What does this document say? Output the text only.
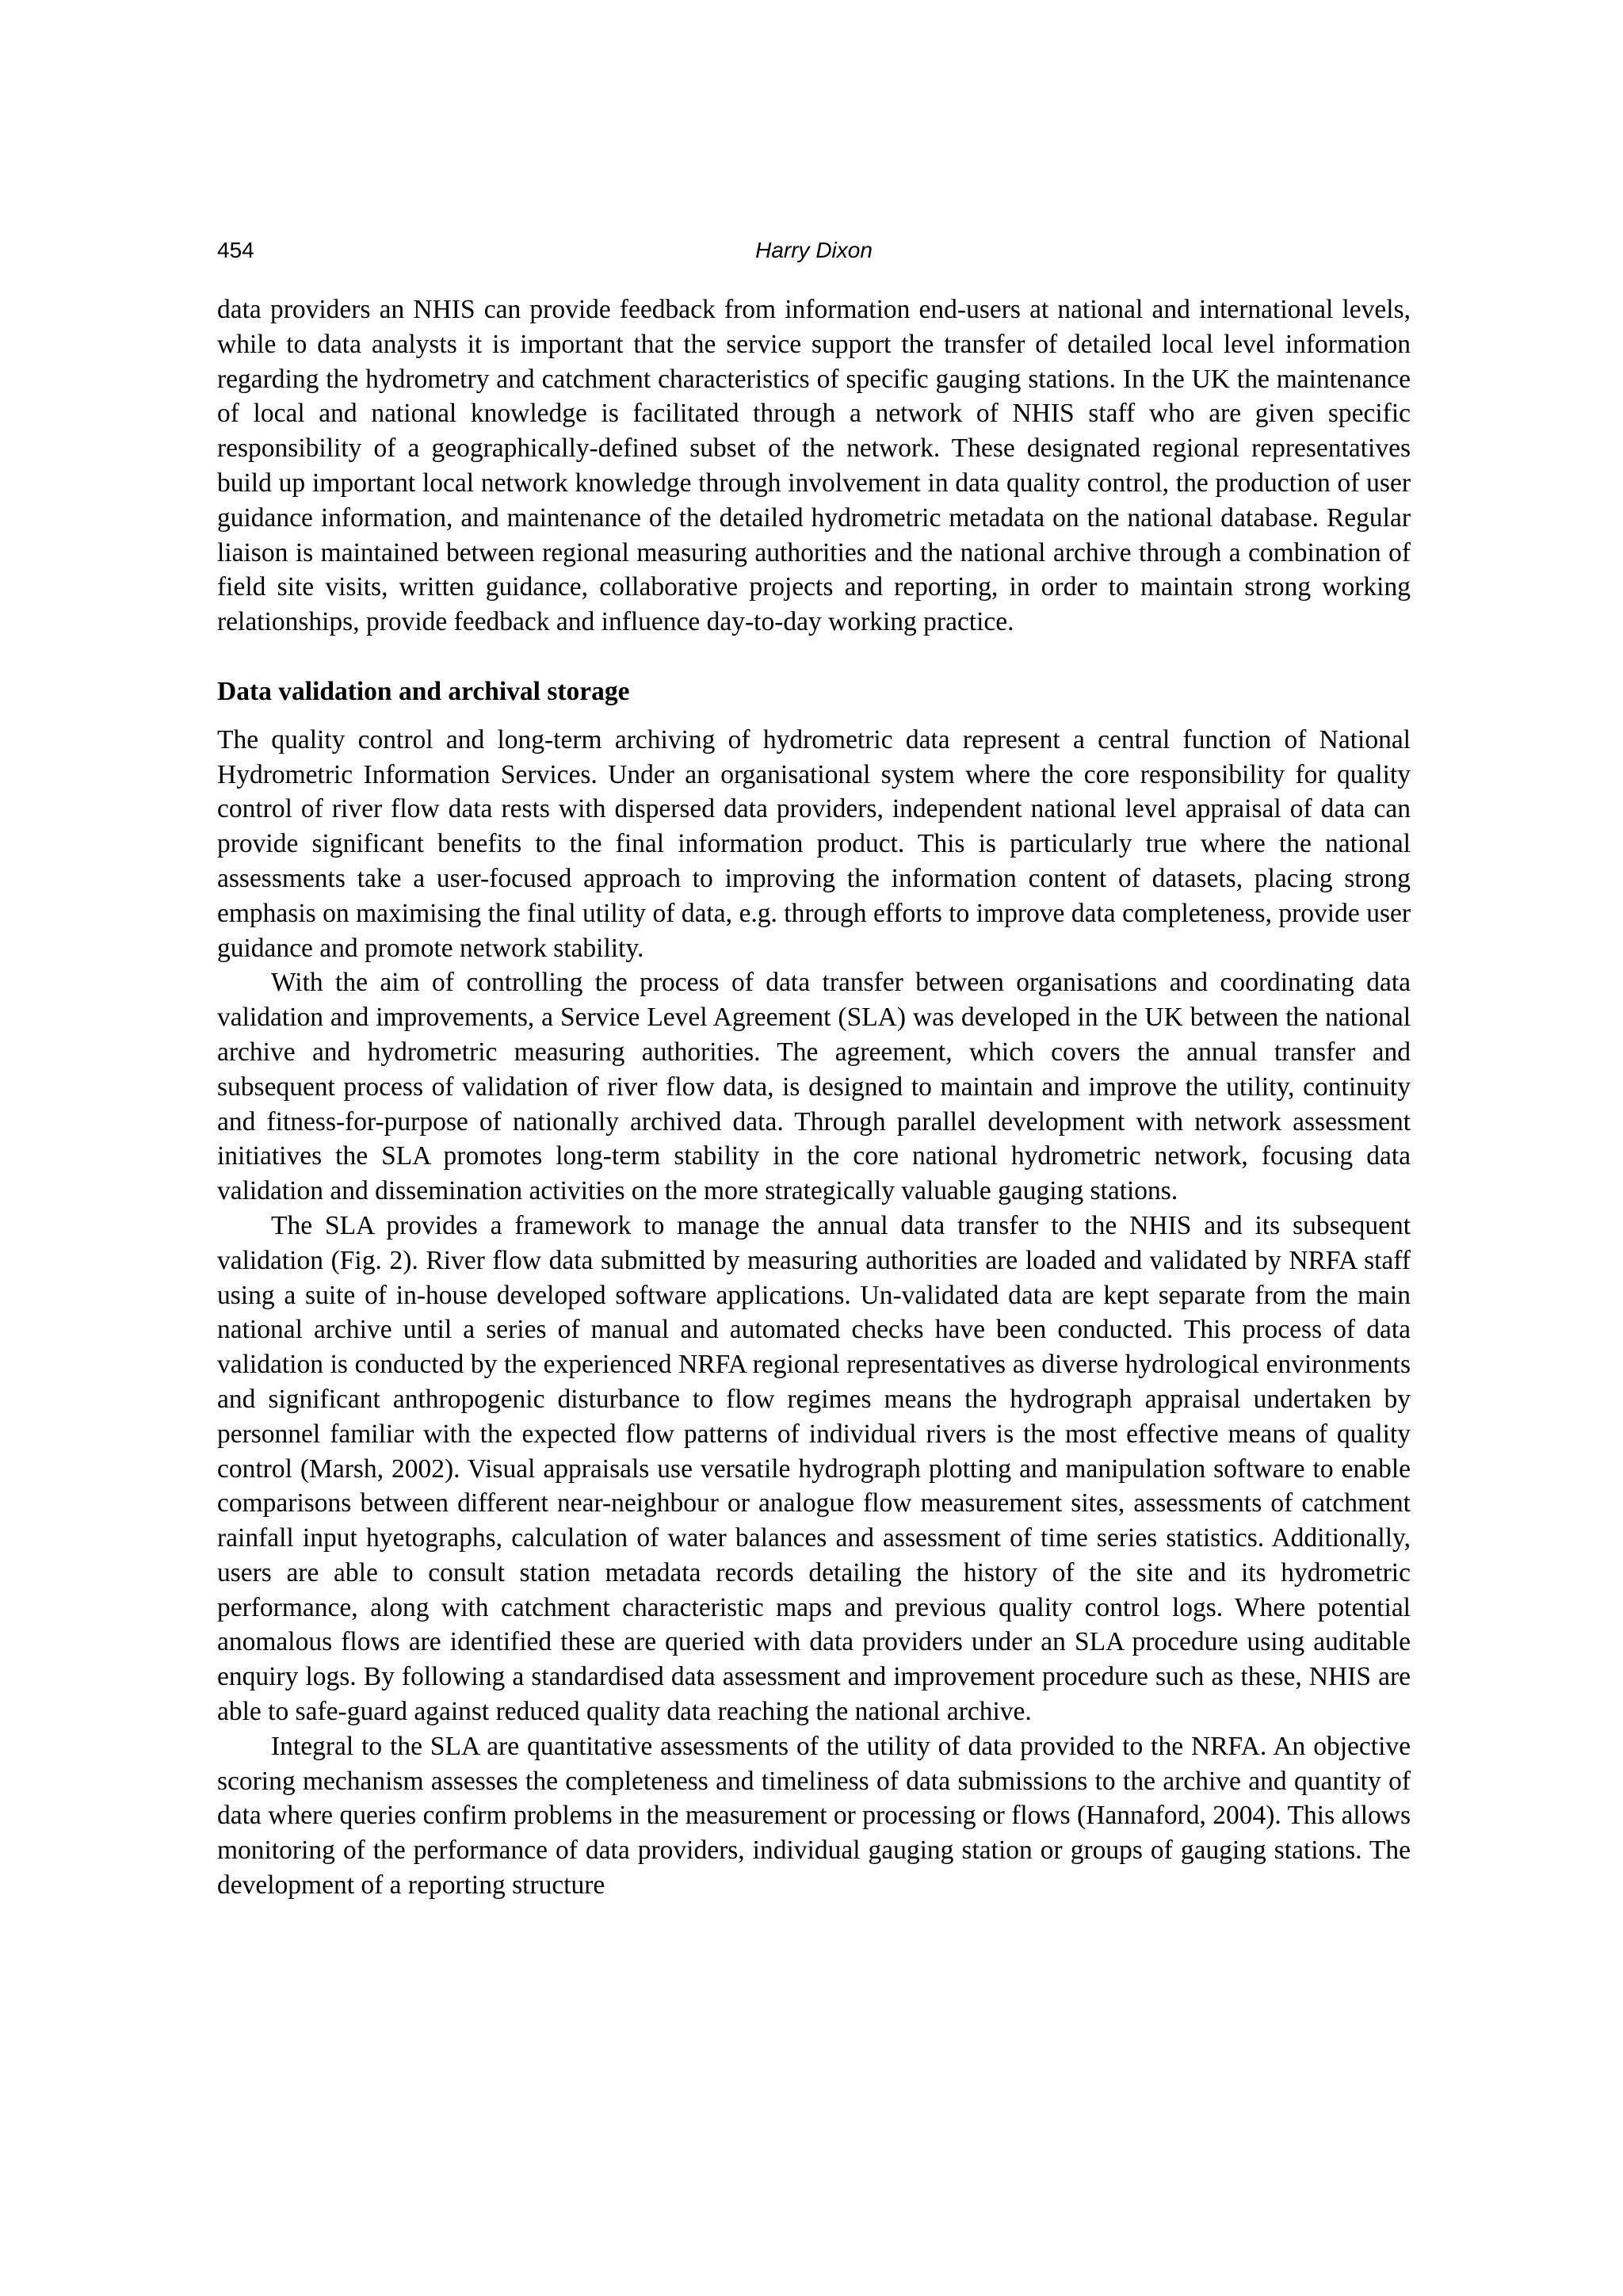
454	Harry Dixon

data providers an NHIS can provide feedback from information end-users at national and international levels, while to data analysts it is important that the service support the transfer of detailed local level information regarding the hydrometry and catchment characteristics of specific gauging stations. In the UK the maintenance of local and national knowledge is facilitated through a network of NHIS staff who are given specific responsibility of a geographically-defined subset of the network. These designated regional representatives build up important local network knowledge through involvement in data quality control, the production of user guidance information, and maintenance of the detailed hydrometric metadata on the national database. Regular liaison is maintained between regional measuring authorities and the national archive through a combination of field site visits, written guidance, collaborative projects and reporting, in order to maintain strong working relationships, provide feedback and influence day-to-day working practice.

Data validation and archival storage

The quality control and long-term archiving of hydrometric data represent a central function of National Hydrometric Information Services. Under an organisational system where the core responsibility for quality control of river flow data rests with dispersed data providers, independent national level appraisal of data can provide significant benefits to the final information product. This is particularly true where the national assessments take a user-focused approach to improving the information content of datasets, placing strong emphasis on maximising the final utility of data, e.g. through efforts to improve data completeness, provide user guidance and promote network stability.

With the aim of controlling the process of data transfer between organisations and coordinating data validation and improvements, a Service Level Agreement (SLA) was developed in the UK between the national archive and hydrometric measuring authorities. The agreement, which covers the annual transfer and subsequent process of validation of river flow data, is designed to maintain and improve the utility, continuity and fitness-for-purpose of nationally archived data. Through parallel development with network assessment initiatives the SLA promotes long-term stability in the core national hydrometric network, focusing data validation and dissemination activities on the more strategically valuable gauging stations.

The SLA provides a framework to manage the annual data transfer to the NHIS and its subsequent validation (Fig. 2). River flow data submitted by measuring authorities are loaded and validated by NRFA staff using a suite of in-house developed software applications. Un-validated data are kept separate from the main national archive until a series of manual and automated checks have been conducted. This process of data validation is conducted by the experienced NRFA regional representatives as diverse hydrological environments and significant anthropogenic disturbance to flow regimes means the hydrograph appraisal undertaken by personnel familiar with the expected flow patterns of individual rivers is the most effective means of quality control (Marsh, 2002). Visual appraisals use versatile hydrograph plotting and manipulation software to enable comparisons between different near-neighbour or analogue flow measurement sites, assessments of catchment rainfall input hyetographs, calculation of water balances and assessment of time series statistics. Additionally, users are able to consult station metadata records detailing the history of the site and its hydrometric performance, along with catchment characteristic maps and previous quality control logs. Where potential anomalous flows are identified these are queried with data providers under an SLA procedure using auditable enquiry logs. By following a standardised data assessment and improvement procedure such as these, NHIS are able to safe-guard against reduced quality data reaching the national archive.

Integral to the SLA are quantitative assessments of the utility of data provided to the NRFA. An objective scoring mechanism assesses the completeness and timeliness of data submissions to the archive and quantity of data where queries confirm problems in the measurement or processing or flows (Hannaford, 2004). This allows monitoring of the performance of data providers, individual gauging station or groups of gauging stations. The development of a reporting structure
